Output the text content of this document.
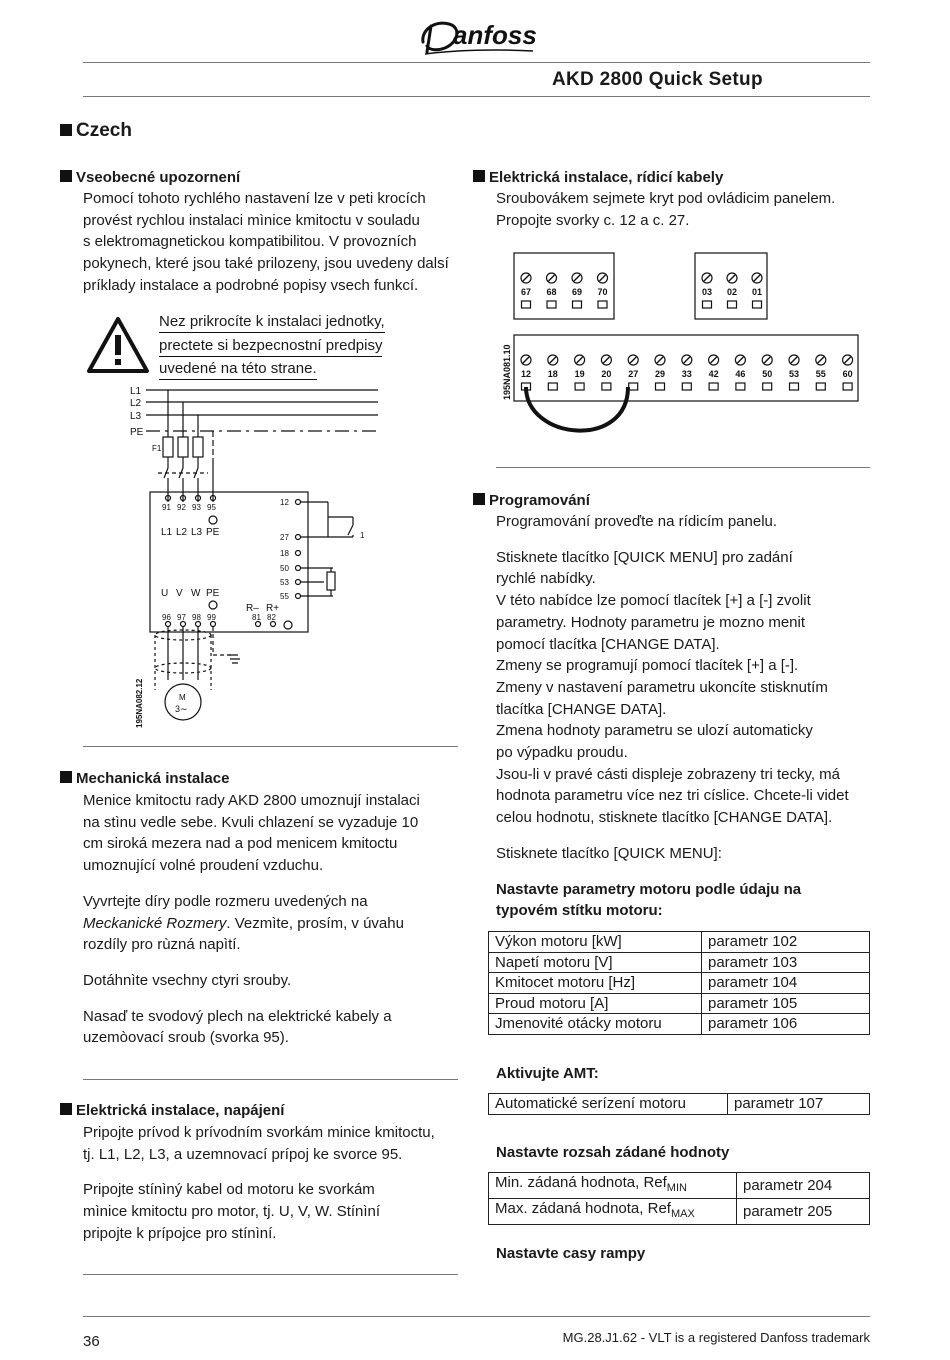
anfoss
AKD 2800 Quick Setup
Czech
Vseobecné upozornení
Pomocí tohoto rychlého nastavení lze v peti krocích
provést rychlou instalaci mìnice kmitoctu v souladu
s elektromagnetickou kompatibilitou. V provozních
pokynech, které jsou také prilozeny, jsou uvedeny dalsí
príklady instalace a podrobné popisy vsech funkcí.
Nez prikrocíte k instalaci jednotky,
prectete si bezpecnostní predpisy
uvedené na této strane.
L1
L2
L3
PE
F1
91 92 93 95
L1 L2 L3 PE
12
27
18
50
53
55
1
U V W PE
R– R+
96 97 98 99	81 82
M
3∼
195NA082.12
Mechanická instalace
Menice kmitoctu rady AKD 2800 umoznují instalaci
na stìnu vedle sebe. Kvuli chlazení se vyzaduje 10
cm siroká mezera nad a pod menicem kmitoctu
umoznující volné proudení vzduchu.
Vyvrtejte díry podle rozmeru uvedených na
Meckanické Rozmery. Vezmìte, prosím, v úvahu
rozdíly pro rùzná napìtí.
Dotáhnìte vsechny ctyri srouby.
Nasaď te svodový plech na elektrické kabely a
uzemòovací sroub (svorka 95).
Elektrická instalace, napájení
Pripojte prívod k prívodním svorkám minice kmitoctu,
tj. L1, L2, L3, a uzemnovací prípoj ke svorce 95.
Pripojte stínìný kabel od motoru ke svorkám
mìnice kmitoctu pro motor, tj. U, V, W. Stínìní
pripojte k prípojce pro stínìní.
Elektrická instalace, rídicí kabely
Sroubovákem sejmete kryt pod ovládicim panelem.
Propojte svorky c. 12 a c. 27.
67 68 69 70	03 02 01
12 18 19 20 27 29 33 42 46 50 53 55 60
195NA081.10
Programování
Programování proveďte na rídicím panelu.
Stisknete tlacítko [QUICK MENU] pro zadání
rychlé nabídky.
V této nabídce lze pomocí tlacítek [+] a [-] zvolit
parametry. Hodnoty parametru je mozno menit
pomocí tlacítka [CHANGE DATA].
Zmeny se programují pomocí tlacítek [+] a [-].
Zmeny v nastavení parametru ukoncíte stisknutím
tlacítka [CHANGE DATA].
Zmena hodnoty parametru se ulozí automaticky
po výpadku proudu.
Jsou-li v pravé cásti displeje zobrazeny tri tecky, má
hodnota parametru více nez tri císlice. Chcete-li videt
celou hodnotu, stisknete tlacítko [CHANGE DATA].
Stisknete tlacítko [QUICK MENU]:
Nastavte parametry motoru podle údaju na
typovém stítku motoru:
Výkon motoru [kW]	parametr 102
Napetí motoru [V]	parametr 103
Kmitocet motoru [Hz]	parametr 104
Proud motoru [A]	parametr 105
Jmenovité otácky motoru	parametr 106
Aktivujte AMT:
Automatické serízení motoru	parametr 107
Nastavte rozsah zádané hodnoty
Min. zádaná hodnota, Ref$_{MIN}$	parametr 204
Max. zádaná hodnota, Ref$_{MAX}$	parametr 205
Nastavte casy rampy
36	MG.28.J1.62 - VLT is a registered Danfoss trademark
